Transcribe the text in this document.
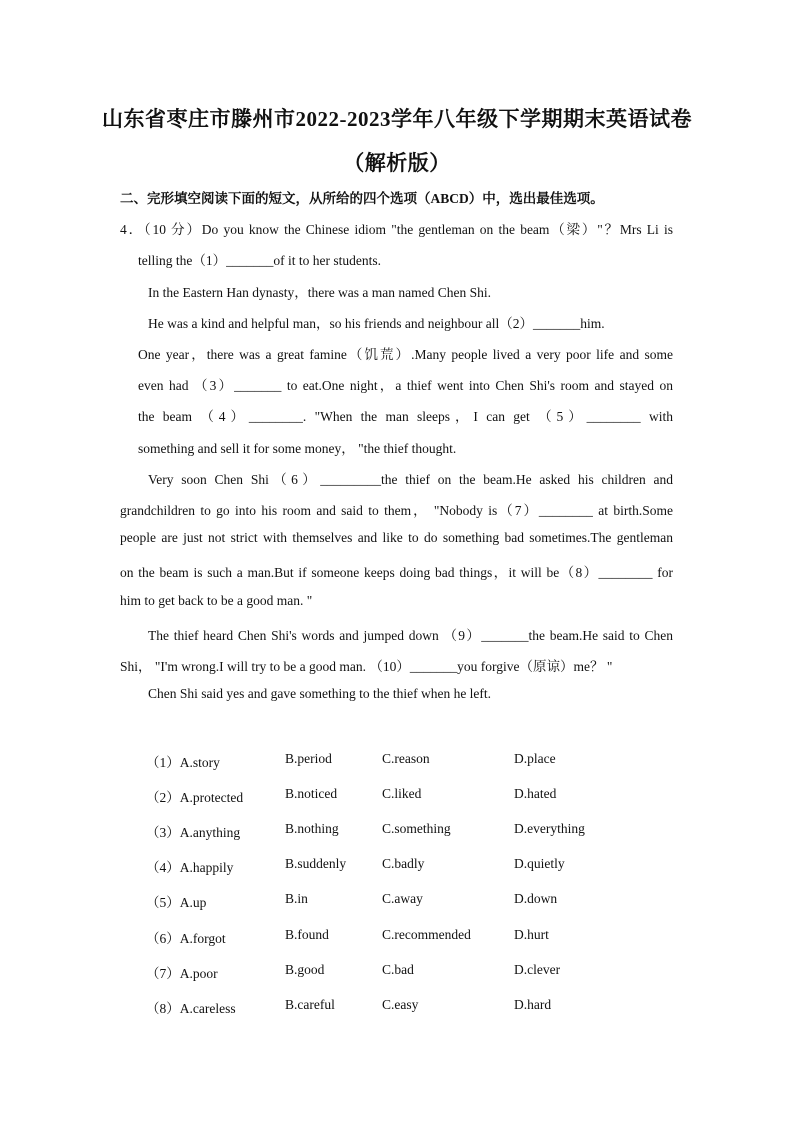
山东省枣庄市滕州市2022-2023学年八年级下学期期末英语试卷
（解析版）
二、完形填空阅读下面的短文，从所给的四个选项（ABCD）中，选出最佳选项。
4．（10 分）Do you know the Chinese idiom "the gentleman on the beam（梁）"？Mrs Li is
telling the（1）_______of it to her students.
In the Eastern Han dynasty，there was a man named Chen Shi.
He was a kind and helpful man，so his friends and neighbour all（2）_______him.
One year，there was a great famine（饥荒）.Many people lived a very poor life and some
even had （3）_______ to eat.One night，a thief went into Chen Shi's room and stayed on
the beam （4）________. "When the man sleeps，I can get （5）________ with
something and sell it for some money， "the thief thought.
Very soon Chen Shi（6）_________the thief on the beam.He asked his children and
grandchildren to go into his room and said to them， "Nobody is（7）________ at birth.Some
people are just not strict with themselves and like to do something bad sometimes.The gentleman
on the beam is such a man.But if someone keeps doing bad things，it will be（8）________ for
him to get back to be a good man. "
The thief heard Chen Shi's words and jumped down （9）_______the beam.He said to Chen
Shi， "I'm wrong.I will try to be a good man. （10）_______you forgive（原谅）me？ "
Chen Shi said yes and gave something to the thief when he left.
（1）A.story	B.period	C.reason	D.place
（2）A.protected	B.noticed	C.liked	D.hated
（3）A.anything	B.nothing	C.something	D.everything
（4）A.happily	B.suddenly	C.badly	D.quietly
（5）A.up	B.in	C.away	D.down
（6）A.forgot	B.found	C.recommended	D.hurt
（7）A.poor	B.good	C.bad	D.clever
（8）A.careless	B.careful	C.easy	D.hard
